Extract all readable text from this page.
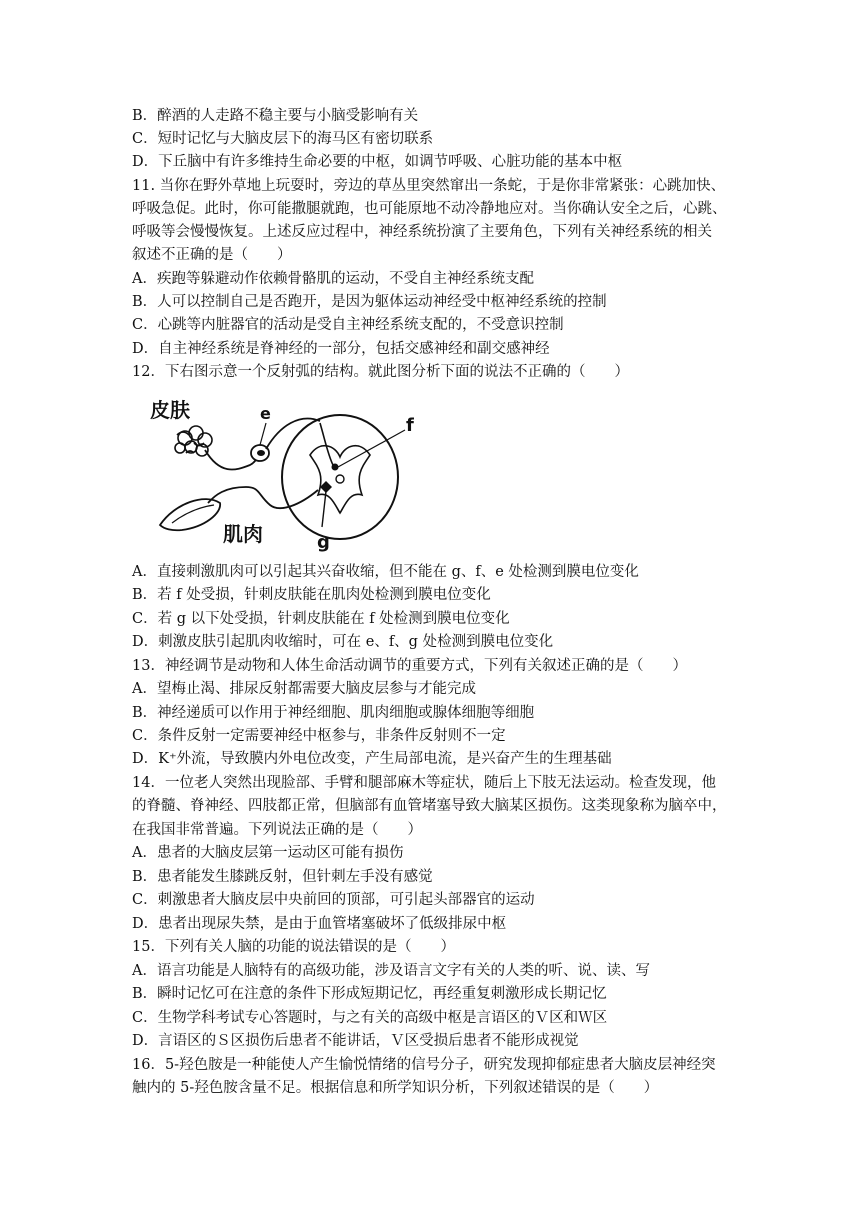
B．醉酒的人走路不稳主要与小脑受影响有关
C．短时记忆与大脑皮层下的海马区有密切联系
D．下丘脑中有许多维持生命必要的中枢，如调节呼吸、心脏功能的基本中枢
11. 当你在野外草地上玩耍时，旁边的草丛里突然窜出一条蛇，于是你非常紧张：心跳加快、
呼吸急促。此时，你可能撒腿就跑，也可能原地不动冷静地应对。当你确认安全之后，心跳、
呼吸等会慢慢恢复。上述反应过程中，神经系统扮演了主要角色，下列有关神经系统的相关
叙述不正确的是（　　）
A．疾跑等躲避动作依赖骨骼肌的运动，不受自主神经系统支配
B．人可以控制自己是否跑开，是因为躯体运动神经受中枢神经系统的控制
C．心跳等内脏器官的活动是受自主神经系统支配的，不受意识控制
D．自主神经系统是脊神经的一部分，包括交感神经和副交感神经
12．下右图示意一个反射弧的结构。就此图分析下面的说法不正确的（　　）
皮肤
肌肉
e
f
g
A．直接刺激肌肉可以引起其兴奋收缩，但不能在 g、f、e 处检测到膜电位变化
B．若 f 处受损，针刺皮肤能在肌肉处检测到膜电位变化
C．若 g 以下处受损，针刺皮肤能在 f 处检测到膜电位变化
D．刺激皮肤引起肌肉收缩时，可在 e、f、g 处检测到膜电位变化
13．神经调节是动物和人体生命活动调节的重要方式，下列有关叙述正确的是（　　）
A．望梅止渴、排尿反射都需要大脑皮层参与才能完成
B．神经递质可以作用于神经细胞、肌肉细胞或腺体细胞等细胞
C．条件反射一定需要神经中枢参与，非条件反射则不一定
D．K⁺外流，导致膜内外电位改变，产生局部电流，是兴奋产生的生理基础
14．一位老人突然出现脸部、手臂和腿部麻木等症状，随后上下肢无法运动。检查发现，他
的脊髓、脊神经、四肢都正常，但脑部有血管堵塞导致大脑某区损伤。这类现象称为脑卒中，
在我国非常普遍。下列说法正确的是（　　）
A．患者的大脑皮层第一运动区可能有损伤
B．患者能发生膝跳反射，但针刺左手没有感觉
C．刺激患者大脑皮层中央前回的顶部，可引起头部器官的运动
D．患者出现尿失禁，是由于血管堵塞破坏了低级排尿中枢
15．下列有关人脑的功能的说法错误的是（　　）
A．语言功能是人脑特有的高级功能，涉及语言文字有关的人类的听、说、读、写
B．瞬时记忆可在注意的条件下形成短期记忆，再经重复刺激形成长期记忆
C．生物学科考试专心答题时，与之有关的高级中枢是言语区的Ｖ区和Ｗ区
D．言语区的Ｓ区损伤后患者不能讲话，Ｖ区受损后患者不能形成视觉
16．5-羟色胺是一种能使人产生愉悦情绪的信号分子，研究发现抑郁症患者大脑皮层神经突
触内的 5-羟色胺含量不足。根据信息和所学知识分析，下列叙述错误的是（　　）
